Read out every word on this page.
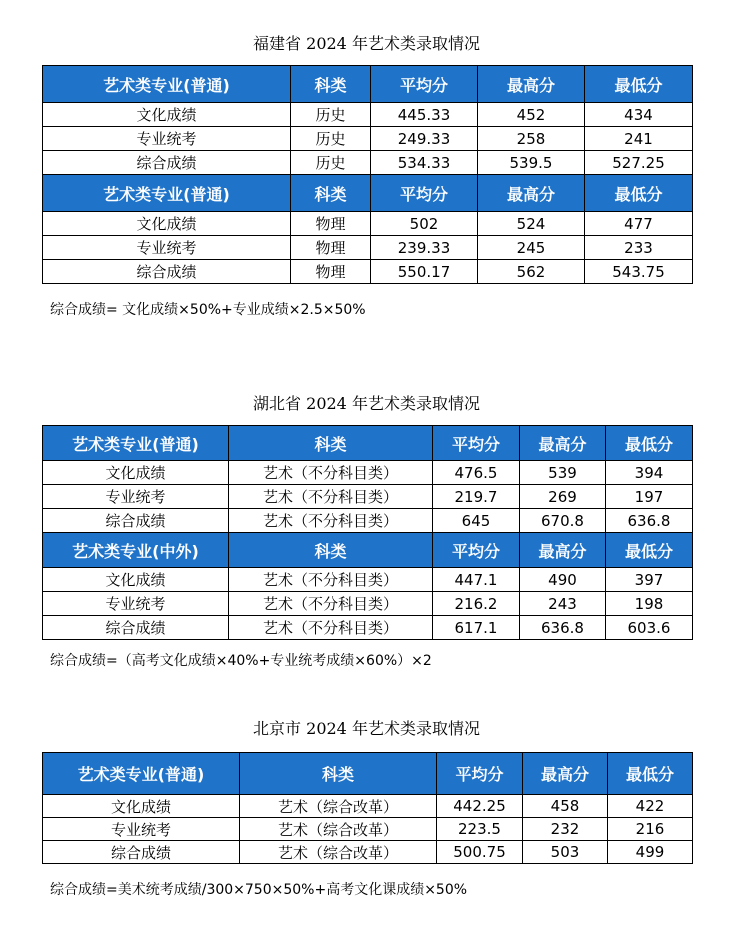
福建省 2024 年艺术类录取情况
艺术类专业(普通)	科类	平均分	最高分	最低分
文化成绩	历史	445.33	452	434
专业统考	历史	249.33	258	241
综合成绩	历史	534.33	539.5	527.25
艺术类专业(普通)	科类	平均分	最高分	最低分
文化成绩	物理	502	524	477
专业统考	物理	239.33	245	233
综合成绩	物理	550.17	562	543.75
综合成绩= 文化成绩×50%+专业成绩×2.5×50%
湖北省 2024 年艺术类录取情况
艺术类专业(普通)	科类	平均分	最高分	最低分
文化成绩	艺术（不分科目类）	476.5	539	394
专业统考	艺术（不分科目类）	219.7	269	197
综合成绩	艺术（不分科目类）	645	670.8	636.8
艺术类专业(中外)	科类	平均分	最高分	最低分
文化成绩	艺术（不分科目类）	447.1	490	397
专业统考	艺术（不分科目类）	216.2	243	198
综合成绩	艺术（不分科目类）	617.1	636.8	603.6
综合成绩=（高考文化成绩×40%+专业统考成绩×60%）×2
北京市 2024 年艺术类录取情况
艺术类专业(普通)	科类	平均分	最高分	最低分
文化成绩	艺术（综合改革）	442.25	458	422
专业统考	艺术（综合改革）	223.5	232	216
综合成绩	艺术（综合改革）	500.75	503	499
综合成绩=美术统考成绩/300×750×50%+高考文化课成绩×50%
